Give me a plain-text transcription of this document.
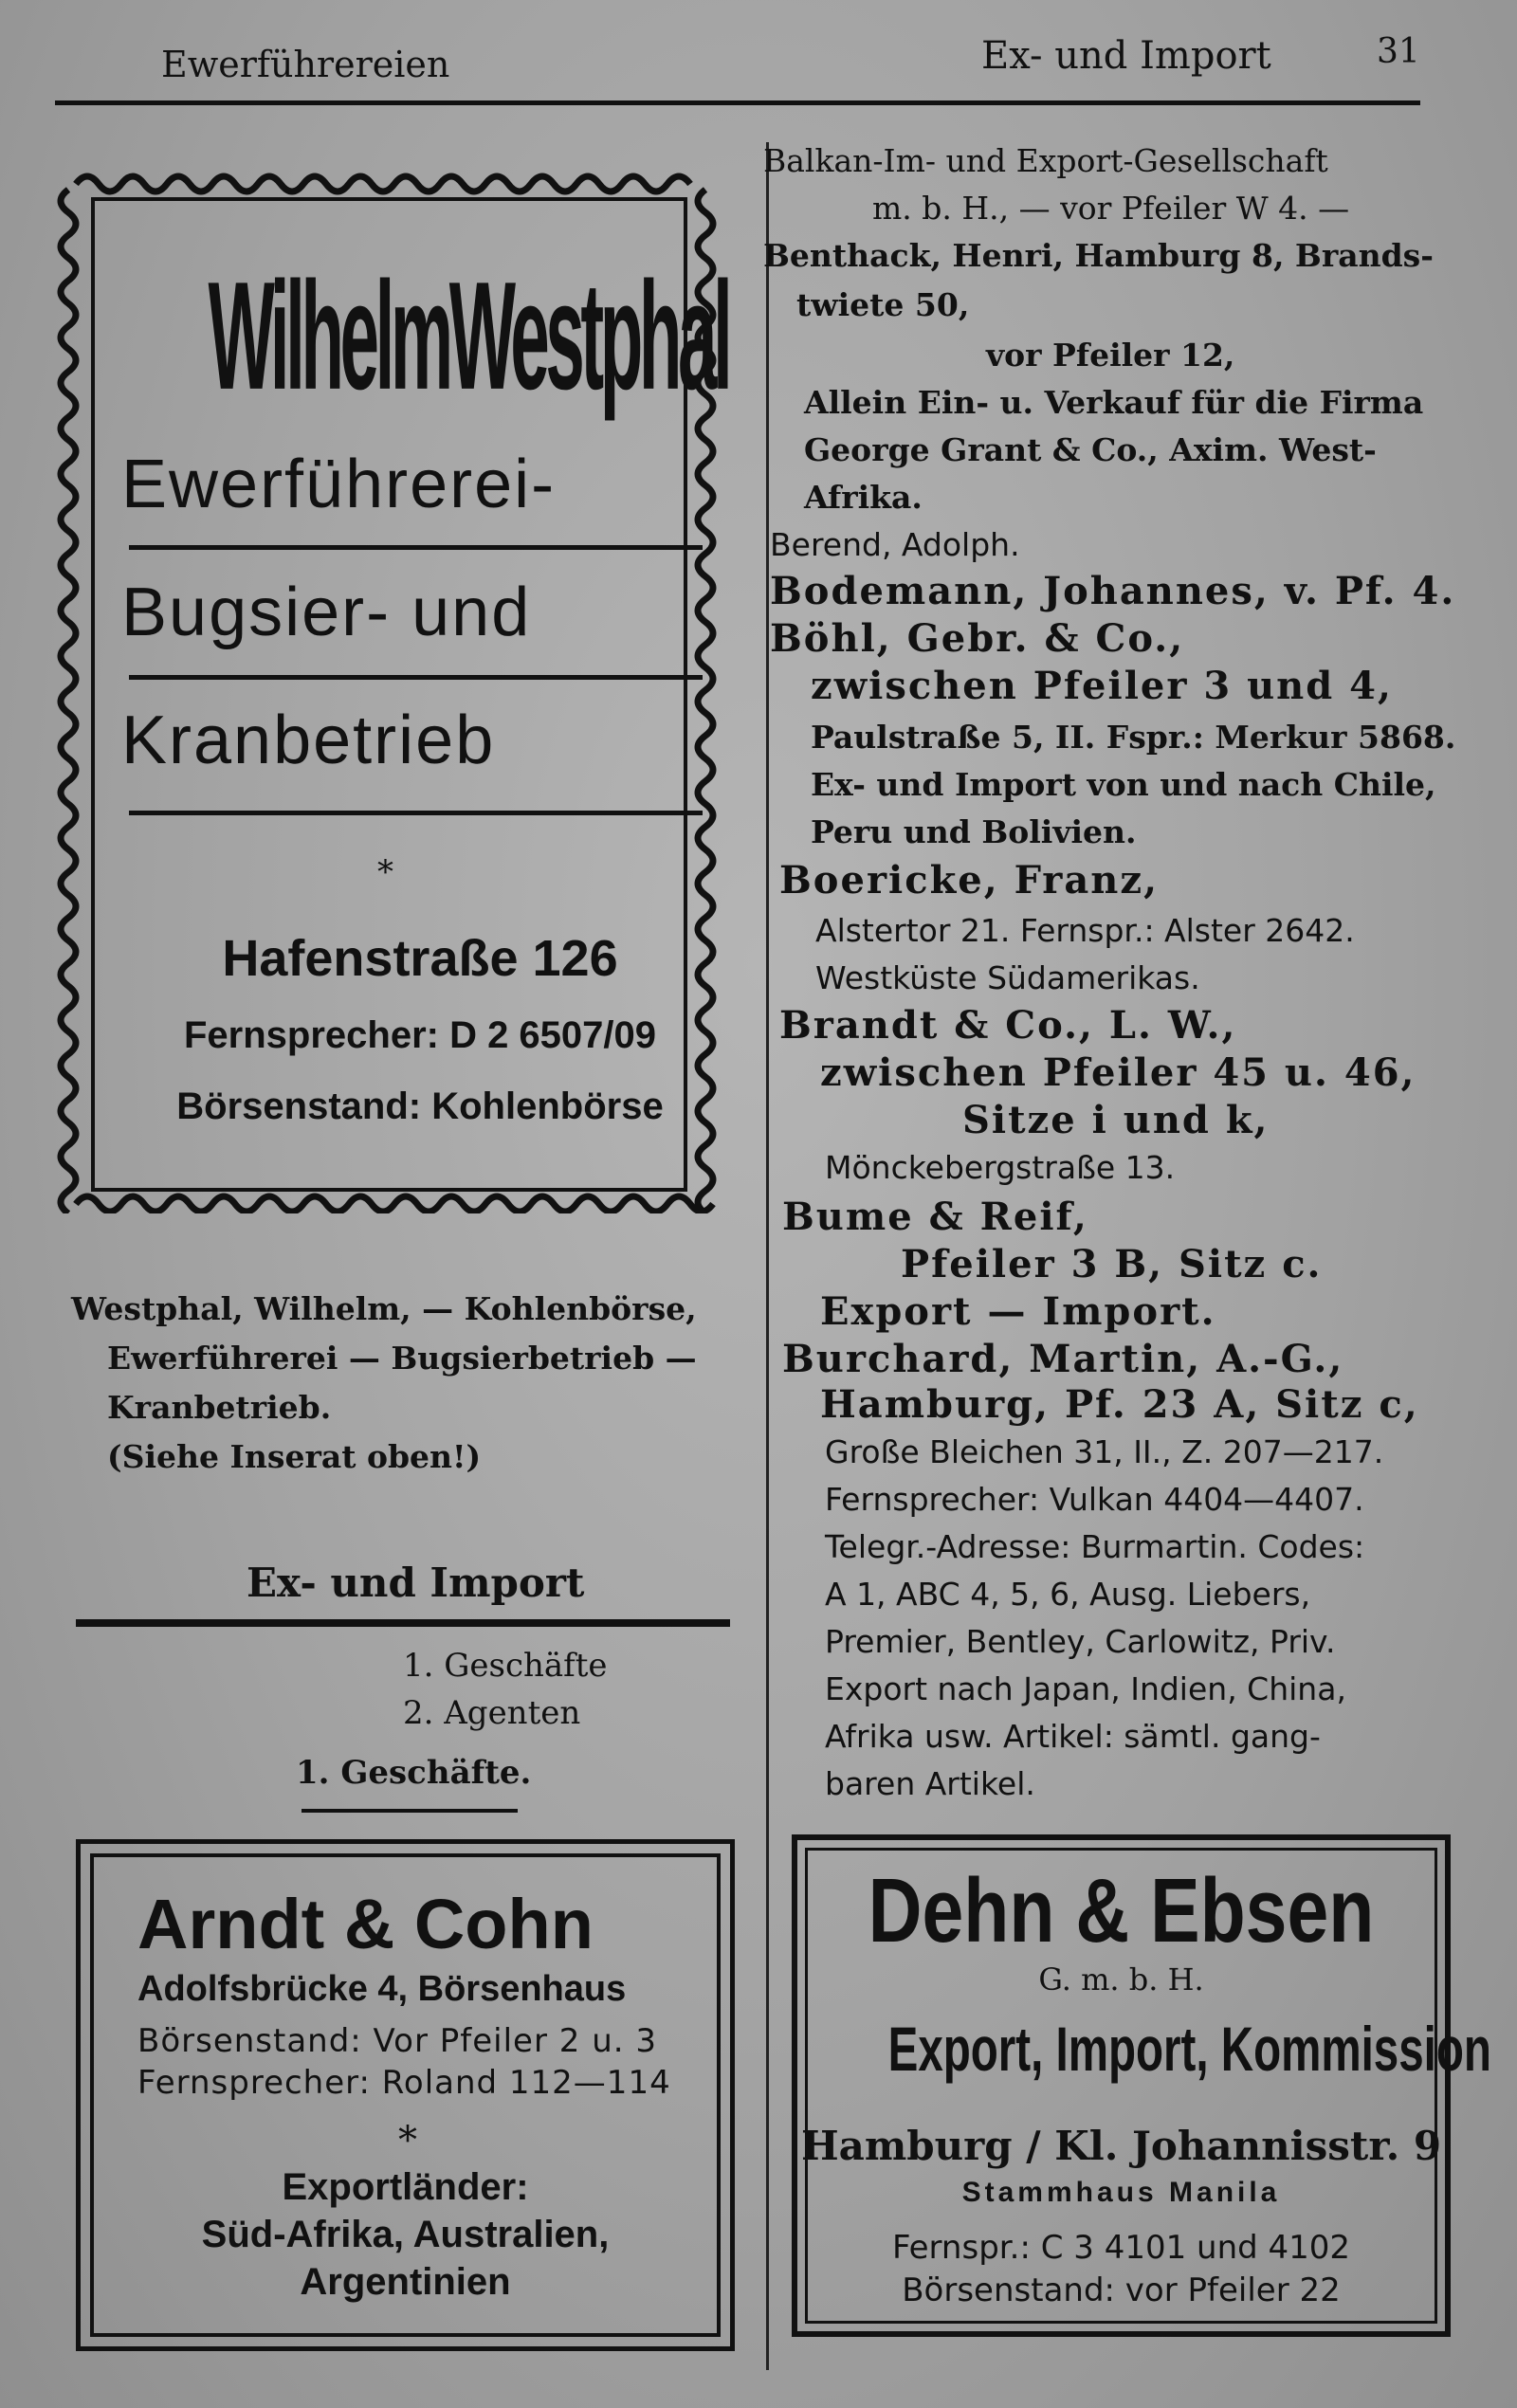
Ewerführereien	Ex- und Import	31
WilhelmWestphal
Ewerführerei-
Bugsier- und
Kranbetrieb
*
Hafenstraße 126
Fernsprecher: D 2 6507/09
Börsenstand: Kohlenbörse
Westphal, Wilhelm, — Kohlenbörse,
Ewerführerei — Bugsierbetrieb —
Kranbetrieb.
(Siehe Inserat oben!)
Ex- und Import
1. Geschäfte
2. Agenten
1. Geschäfte.
Arndt & Cohn
Adolfsbrücke 4, Börsenhaus
Börsenstand: Vor Pfeiler 2 u. 3
Fernsprecher: Roland 112—114
*
Exportländer:
Süd-Afrika, Australien,
Argentinien
Balkan-Im- und Export-Gesellschaft
m. b. H., — vor Pfeiler W 4. —
Benthack, Henri, Hamburg 8, Brands-
twiete 50,
vor Pfeiler 12,
Allein Ein- u. Verkauf für die Firma
George Grant & Co., Axim. West-
Afrika.
Berend, Adolph.
Bodemann, Johannes, v. Pf. 4.
Böhl, Gebr. & Co.,
zwischen Pfeiler 3 und 4,
Paulstraße 5, II. Fspr.: Merkur 5868.
Ex- und Import von und nach Chile,
Peru und Bolivien.
Boericke, Franz,
Alstertor 21. Fernspr.: Alster 2642.
Westküste Südamerikas.
Brandt & Co., L. W.,
zwischen Pfeiler 45 u. 46,
Sitze i und k,
Mönckebergstraße 13.
Bume & Reif,
Pfeiler 3 B, Sitz c.
Export — Import.
Burchard, Martin, A.-G.,
Hamburg, Pf. 23 A, Sitz c,
Große Bleichen 31, II., Z. 207—217.
Fernsprecher: Vulkan 4404—4407.
Telegr.-Adresse: Burmartin. Codes:
A 1, ABC 4, 5, 6, Ausg. Liebers,
Premier, Bentley, Carlowitz, Priv.
Export nach Japan, Indien, China,
Afrika usw. Artikel: sämtl. gang-
baren Artikel.
Dehn & Ebsen
G. m. b. H.
Export, Import, Kommission
Hamburg / Kl. Johannisstr. 9
Stammhaus Manila
Fernspr.: C 3 4101 und 4102
Börsenstand: vor Pfeiler 22
